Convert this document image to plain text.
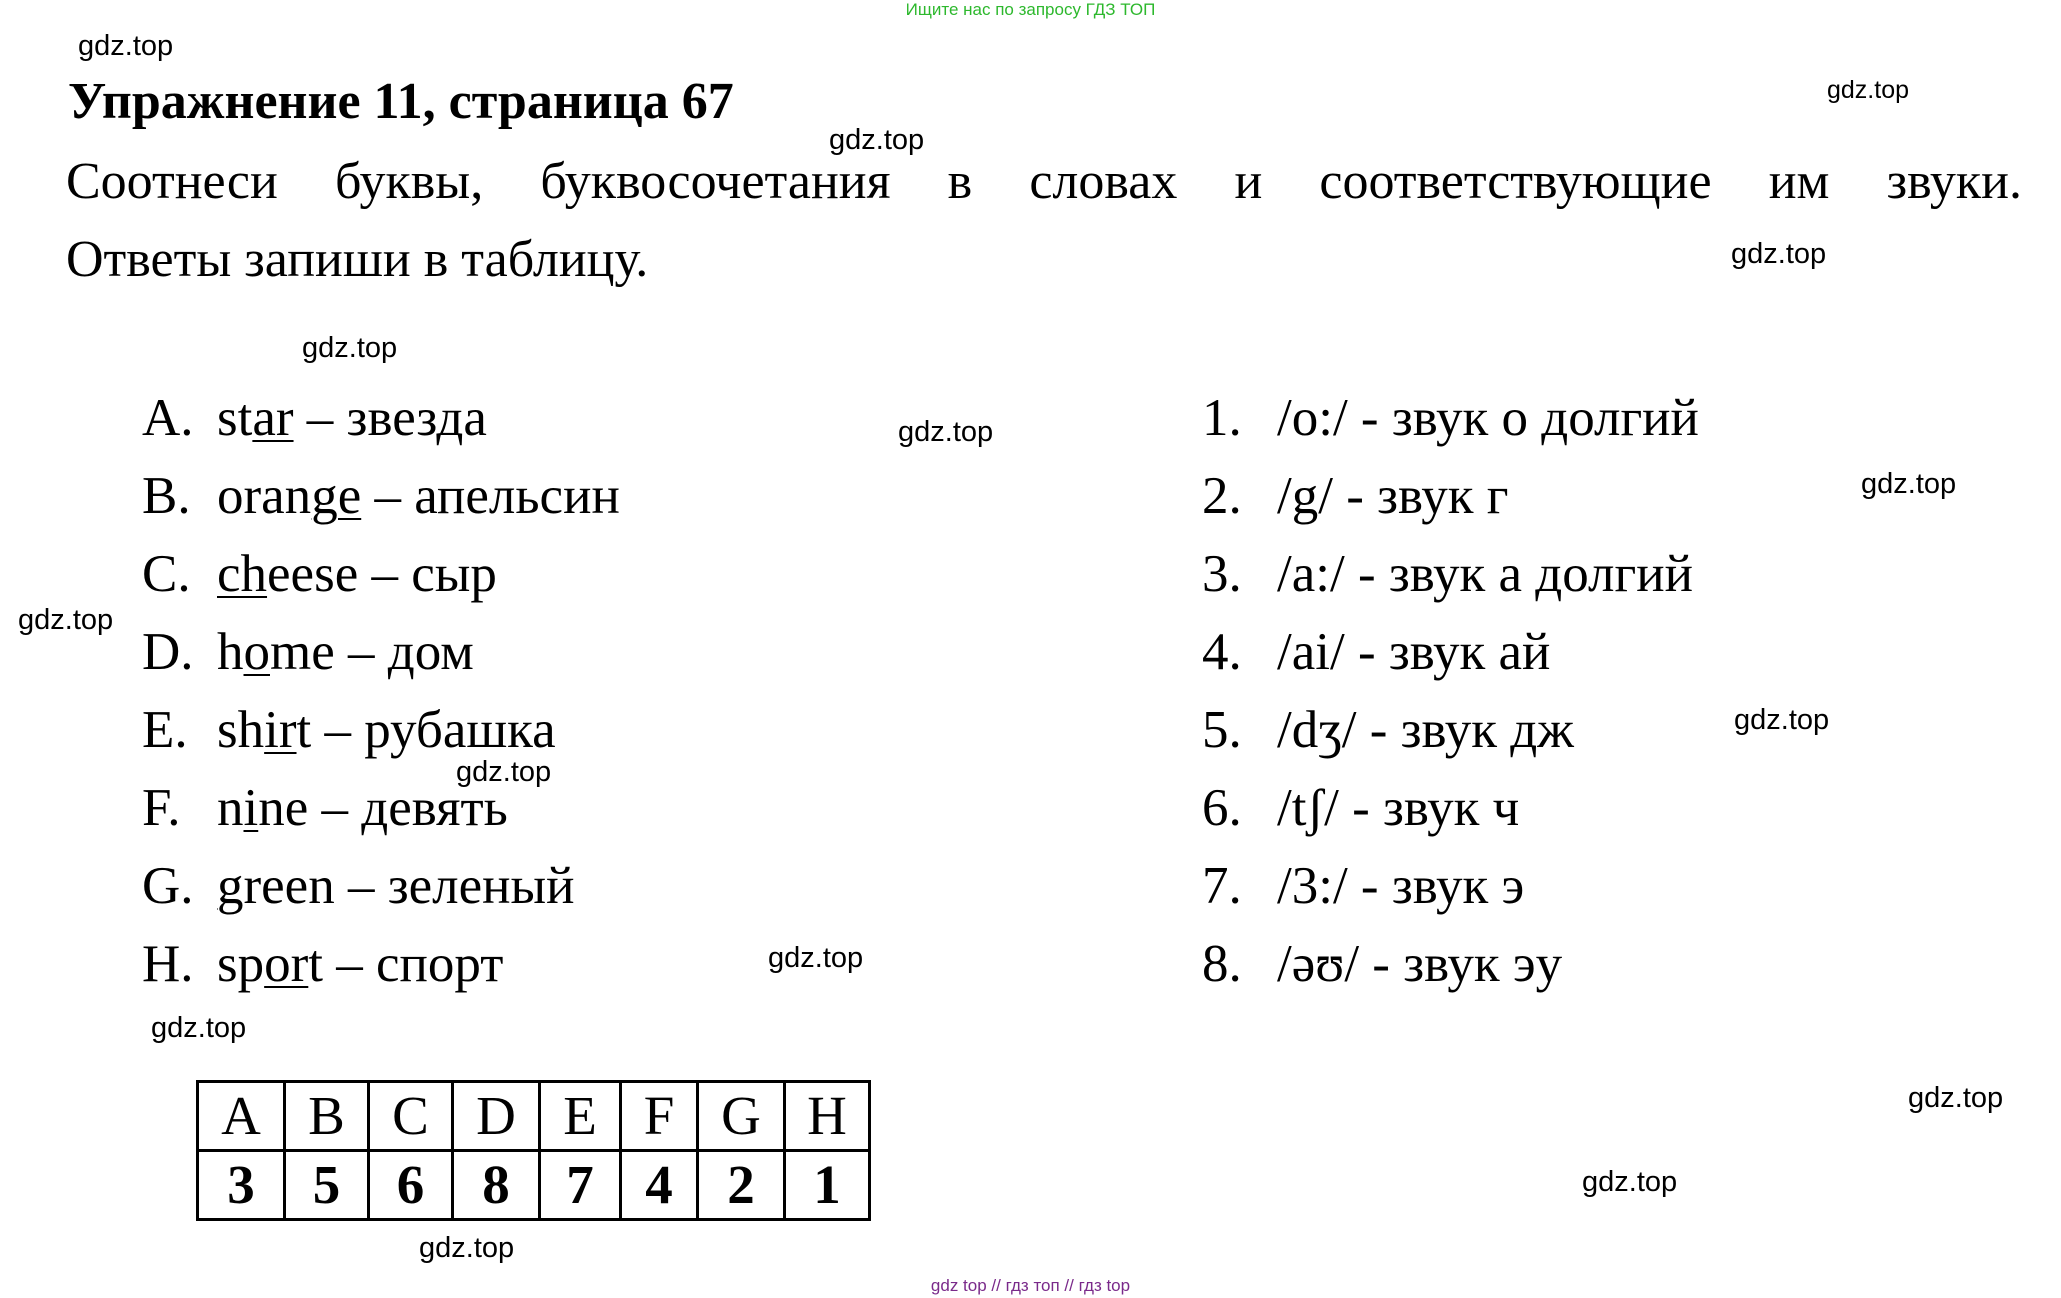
Ищите нас по запросу ГДЗ ТОП
Упражнение 11, страница 67
Соотнеси буквы, буквосочетания в словах и соответствующие им звуки.
Ответы запиши в таблицу.
A. star – звезда
B. orange – апельсин
C. cheese – сыр
D. home – дом
E. shirt – рубашка
F. nine – девять
G. green – зеленый
H. sport – спорт
1. /o:/ - звук о долгий
2. /g/ - звук г
3. /a:/ - звук а долгий
4. /ai/ - звук ай
5. /dʒ/ - звук дж
6. /tʃ/ - звук ч
7. /3:/ - звук э
8. /əʊ/ - звук эу
A	B	C	D	E	F	G	H
3	5	6	8	7	4	2	1
gdz.top
gdz.top
gdz.top
gdz.top
gdz.top
gdz.top
gdz.top
gdz.top
gdz.top
gdz.top
gdz.top
gdz.top
gdz.top
gdz.top
gdz.top
gdz top // гдз топ // гдз top
